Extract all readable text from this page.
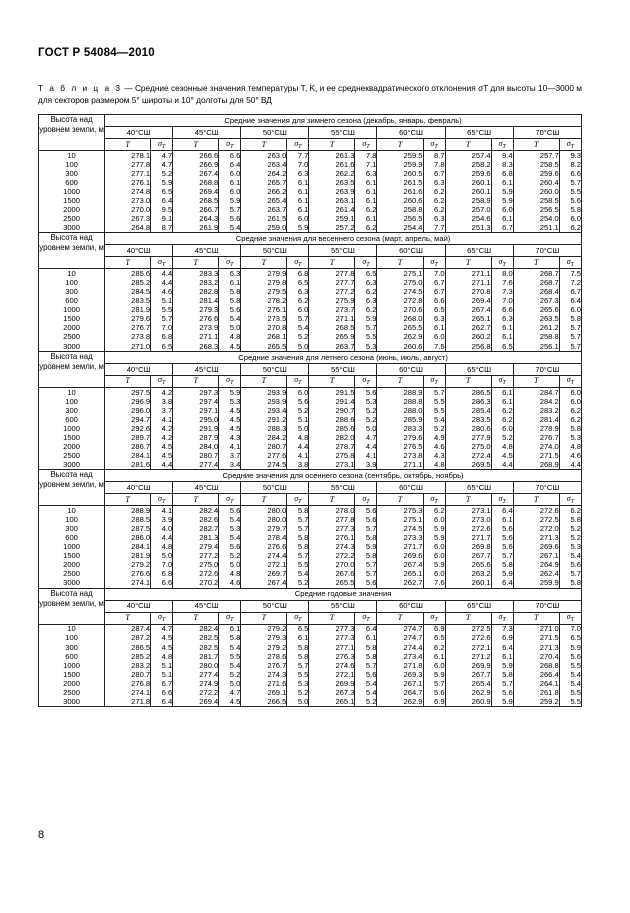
ГОСТ Р 54084—2010
Т а б л и ц а 3 — Средние сезонные значения температуры T, K, и ее среднеквадратического отклонения σT для высоты 10—3000 м для секторов размером 5° широты и 10° долготы для 50° ВД
Высота над уровнем земли, м	Средние значения для зимнего сезона (декабрь, январь, февраль)													
	40°СШ		45°СШ		50°СШ		55°СШ		60°СШ		65°СШ		70°СШ	
	T	$\sigma_T$	T	$\sigma_T$	T	$\sigma_T$	T	$\sigma_T$	T	$\sigma_T$	T	$\sigma_T$	T	$\sigma_T$
10	278.1	4.7	266.6	6.6	263.0	7.7	261.3	7.8	259.5	8.7	257.4	9.4	257.7	9.3
100	277.8	4.7	266.9	6.4	263.4	7.0	261.6	7.1	259.9	7.8	258.2	8.3	258.5	8.2
300	277.1	5.2	267.4	6.0	264.2	6.3	262.2	6.3	260.5	6.7	259.6	6.8	259.6	6.6
600	276.1	5.9	268.8	6.1	265.7	6.1	263.5	6.1	261.5	6.3	260.1	6.1	260.4	5.7
1000	274.8	6.5	269.4	6.0	266.2	6.1	263.9	6.1	261.6	6.2	260.1	5.9	260.0	5.5
1500	273.0	6.4	268.5	5.9	265.4	6.1	263.1	6.1	260.6	6.2	258.9	5.9	258.5	5.6
2000	270.0	9.5	266.7	5.7	263.7	6.1	261.4	6.2	258.8	6.2	257.0	6.0	256.5	5.8
2500	267.3	9.1	264.3	5.6	261.5	6.0	259.1	6.1	256.5	6.3	254.6	6.1	254.0	6.0
3000	264.8	8.7	261.9	5.4	259.0	5.9	257.2	6.2	254.4	7.7	251.3	6.7	251.1	6.2
Высота над уровнем земли, м	Средние значения для весеннего сезона (март, апрель, май)													
	40°СШ		45°СШ		50°СШ		55°СШ		60°СШ		65°СШ		70°СШ	
	T	$\sigma_T$	T	$\sigma_T$	T	$\sigma_T$	T	$\sigma_T$	T	$\sigma_T$	T	$\sigma_T$	T	$\sigma_T$
10	285.6	4.4	283.3	6.3	279.9	6.8	277.8	6.5	275.1	7.0	271.1	8.0	268.7	7.5
100	285.2	4.4	283.2	6.1	279.8	6.5	277.7	6.3	275.0	6.7	271.1	7.6	268.7	7.2
300	284.5	4.6	282.8	5.8	279.5	6.3	277.2	6.2	274.5	6.7	270.8	7.3	268.4	6.7
600	283.5	5.1	281.4	5.8	278.2	6.2	275.9	6.3	272.8	6.6	269.4	7.0	267.3	6.4
1000	281.9	5.5	279.3	5.6	276.1	6.0	273.7	6.2	270.6	6.5	267.4	6.6	265.6	6.0
1500	279.6	5.7	276.6	5.4	273.5	5.7	271.1	5.9	268.0	6.3	265.1	6.3	263.5	5.8
2000	276.7	7.0	273.9	5.0	270.8	5.4	268.5	5.7	265.5	6.1	262.7	6.1	261.2	5.7
2500	273.8	6.8	271.1	4.8	268.1	5.2	265.9	5.5	262.9	6.0	260.2	6.1	258.8	5.7
3000	271.0	6.5	268.3	4.5	265.5	5.0	263.7	5.3	260.6	7.5	256.8	6.5	256.1	5.7
Высота над уровнем земли, м	Средние значения для летнего сезона (июнь, июль, август)													
	40°СШ		45°СШ		50°СШ		55°СШ		60°СШ		65°СШ		70°СШ	
	T	$\sigma_T$	T	$\sigma_T$	T	$\sigma_T$	T	$\sigma_T$	T	$\sigma_T$	T	$\sigma_T$	T	$\sigma_T$
10	297.5	4.2	297.3	5.9	293.9	6.0	291.5	5.6	288.9	5.7	286.5	6.1	284.7	6.0
100	296.9	3.8	297.4	5.3	293.9	5.6	291.4	5.3	288.8	5.5	286.3	6.1	284.2	6.0
300	296.0	3.7	297.1	4.5	293.4	5.2	290.7	5.2	288.0	5.5	285.4	6.2	283.2	6.2
600	294.7	4.1	295.0	4.5	291.2	5.1	288.6	5.2	285.9	5.4	283.5	6.2	281.4	6.2
1000	292.6	4.2	291.9	4.5	288.3	5.0	285.6	5.0	283.3	5.2	280.6	6.0	278.9	5.8
1500	289.7	4.2	287.9	4.3	284.2	4.8	282.0	4.7	279.6	4.9	277.9	5.2	276.7	5.3
2000	286.7	4.5	284.0	4.1	280.7	4.4	278.7	4.4	276.5	4.6	275.0	4.8	274.0	4.8
2500	284.1	4.5	280.7	3.7	277.6	4.1	275.8	4.1	273.8	4.3	272.4	4.5	271.5	4.6
3000	281.6	4.4	277.4	3.4	274.5	3.8	273.1	3.9	271.1	4.8	269.5	4.4	268.9	4.4
Высота над уровнем земли, м	Средние значения для осеннего сезона (сентябрь, октябрь, ноябрь)													
	40°СШ		45°СШ		50°СШ		55°СШ		60°СШ		65°СШ		70°СШ	
	T	$\sigma_T$	T	$\sigma_T$	T	$\sigma_T$	T	$\sigma_T$	T	$\sigma_T$	T	$\sigma_T$	T	$\sigma_T$
10	288.9	4.1	282.4	5.6	280.0	5.8	278.0	5.6	275.3	6.2	273.1	6.4	272.6	6.2
100	288.5	3.9	282.6	5.4	280.0	5.7	277.8	5.6	275.1	6.0	273.0	6.1	272.5	5.8
300	287.5	4.0	282.7	5.3	279.7	5.7	277.3	5.7	274.5	5.9	272.6	5.6	272.0	5.2
600	286.0	4.4	281.3	5.4	278.4	5.8	276.1	5.8	273.3	5.9	271.7	5.6	271.3	5.2
1000	284.1	4.8	279.4	5.6	276.6	5.8	274.3	5.9	271.7	6.0	269.8	5.6	269.6	5.3
1500	281.9	5.0	277.2	5.2	274.4	5.7	272.2	5.8	269.6	6.0	267.7	5.7	267.1	5.4
2000	279.2	7.0	275.0	5.0	272.1	5.5	270.0	5.7	267.4	5.9	265.6	5.8	264.9	5.6
2500	276.6	6.8	272.6	4.8	269.7	5.4	267.6	5.7	265.1	6.0	263.2	5.9	262.4	5.7
3000	274.1	6.6	270.2	4.6	267.4	5.2	265.5	5.6	262.7	7.6	260.1	6.4	259.9	5.8
Высота над уровнем земли, м	Средние годовые значения													
	40°СШ		45°СШ		50°СШ		55°СШ		60°СШ		65°СШ		70°СШ	
	T	$\sigma_T$	T	$\sigma_T$	T	$\sigma_T$	T	$\sigma_T$	T	$\sigma_T$	T	$\sigma_T$	T	$\sigma_T$
10	287.4	4.7	282.4	6.1	279.2	6.5	277.3	6.4	274.7	6.9	272.5	7.3	271.0	7.0
100	287.2	4.5	282.5	5.8	279.3	6.1	277.3	6.1	274.7	6.5	272.6	6.9	271.5	6.5
300	286.5	4.5	282.5	5.4	279.2	5.8	277.1	5.8	274.4	6.2	272.1	6.4	271.3	5.9
600	285.2	4.8	281.7	5.5	278.6	5.8	276.3	5.8	273.4	6.1	271.2	6.1	270.4	5.6
1000	283.2	5.1	280.0	5.4	276.7	5.7	274.6	5.7	271.8	6.0	269.9	5.9	268.8	5.5
1500	280.7	5.1	277.4	5.2	274.3	5.5	272.1	5.6	269.3	5.9	267.7	5.8	266.4	5.4
2000	276.8	6.7	274.9	5.0	271.6	5.3	269.9	5.4	267.1	5.7	265.4	5.7	264.1	5.4
2500	274.1	6.6	272.2	4.7	269.1	5.2	267.3	5.4	264.7	5.6	262.9	5.6	261.8	5.5
3000	271.8	6.4	269.4	4.5	266.5	5.0	265.1	5.2	262.9	6.9	260.9	5.9	259.2	5.5
8
